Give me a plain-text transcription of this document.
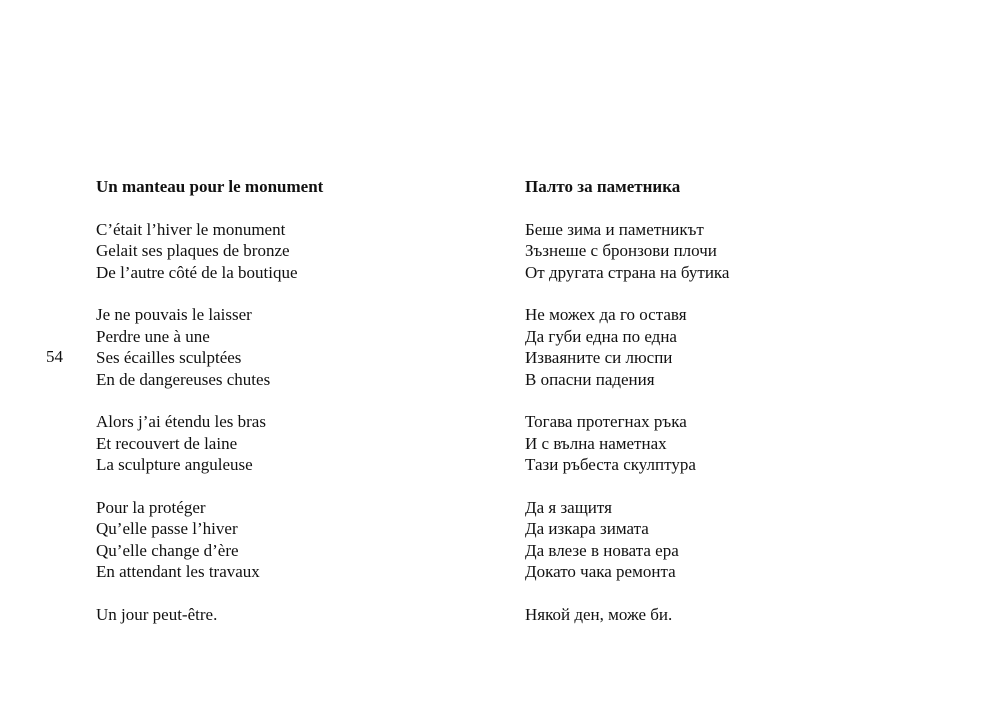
54
Un manteau pour le monument
C’était l’hiver le monument
Gelait ses plaques de bronze
De l’autre côté de la boutique
Je ne pouvais le laisser
Perdre une à une
Ses écailles sculptées
En de dangereuses chutes
Alors j’ai étendu les bras
Et recouvert de laine
La sculpture anguleuse
Pour la protéger
Qu’elle passe l’hiver
Qu’elle change d’ère
En attendant les travaux
Un jour peut-être.
Палто за паметника
Беше зима и паметникът
Зъзнеше с бронзови плочи
От другата страна на бутика
Не можех да го оставя
Да губи една по една
Изваяните си люспи
В опасни падения
Тогава протегнах ръка
И с вълна наметнах
Тази ръбеста скулптура
Да я защитя
Да изкара зимата
Да влезе в новата ера
Докато чака ремонта
Някой ден, може би.
